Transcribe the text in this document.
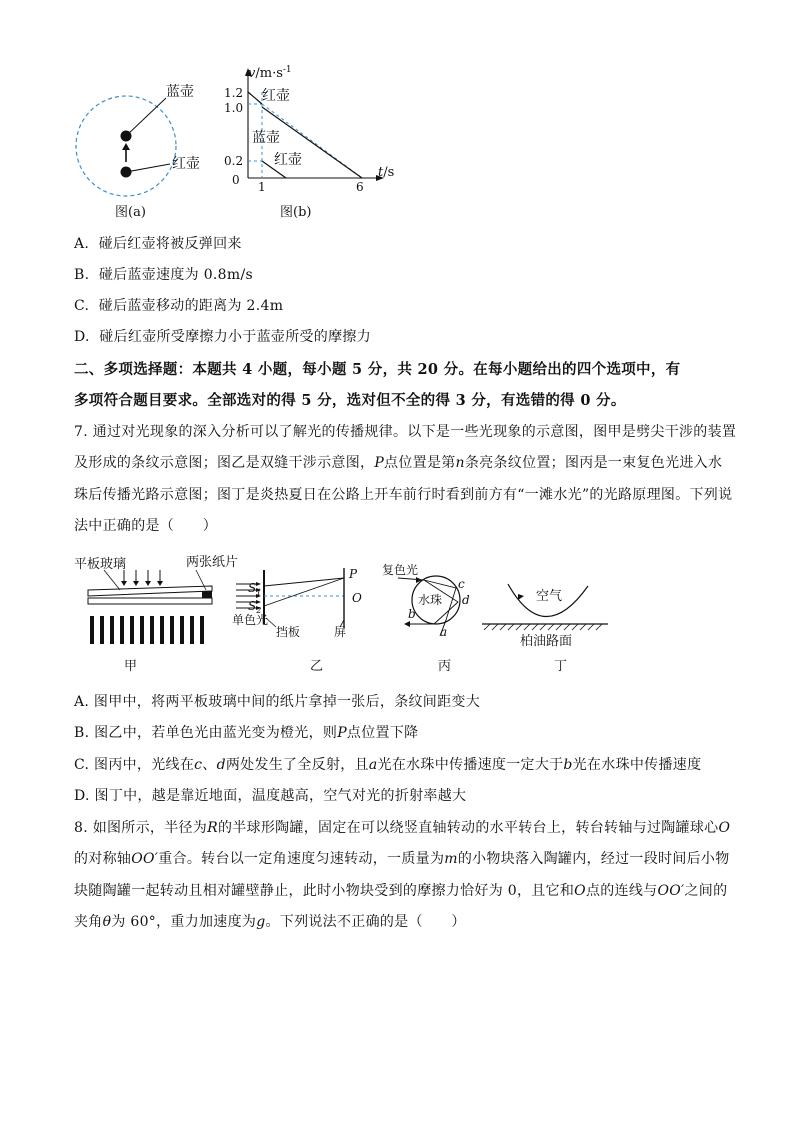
蓝壶
红壶
图(a)
$v/m\cdot s^{-1}$
t/s
1.2
1.0
0.2
0 1	6
红壶
蓝壶
红壶
图(b)
A. 碰后红壶将被反弹回来
B. 碰后蓝壶速度为 0.8m/s
C. 碰后蓝壶移动的距离为 2.4m
D. 碰后红壶所受摩擦力小于蓝壶所受的摩擦力
二、多项选择题：本题共 4 小题，每小题 5 分，共 20 分。在每小题给出的四个选项中，有
多项符合题目要求。全部选对的得 5 分，选对但不全的得 3 分，有选错的得 0 分。
7. 通过对光现象的深入分析可以了解光的传播规律。以下是一些光现象的示意图，图甲是劈尖干涉的装置
及形成的条纹示意图；图乙是双缝干涉示意图，P点位置是第n条亮条纹位置；图丙是一束复色光进入水
珠后传播光路示意图；图丁是炎热夏日在公路上开车前行时看到前方有“一滩水光”的光路原理图。下列说
法中正确的是（　　）
平板玻璃	两张纸片
甲
$S_1$
$S_2$
P
O
单色光
挡板	屏
乙
复色光
水珠
c
d
b
a
丙
空气
柏油路面
丁
A. 图甲中，将两平板玻璃中间的纸片拿掉一张后，条纹间距变大
B. 图乙中，若单色光由蓝光变为橙光，则P点位置下降
C. 图丙中，光线在c、d两处发生了全反射，且a光在水珠中传播速度一定大于b光在水珠中传播速度
D. 图丁中，越是靠近地面，温度越高，空气对光的折射率越大
8. 如图所示，半径为R的半球形陶罐，固定在可以绕竖直轴转动的水平转台上，转台转轴与过陶罐球心O
的对称轴OO′重合。转台以一定角速度匀速转动，一质量为m的小物块落入陶罐内，经过一段时间后小物
块随陶罐一起转动且相对罐壁静止，此时小物块受到的摩擦力恰好为 0，且它和O点的连线与OO′之间的
夹角θ为 60°，重力加速度为g。下列说法不正确的是（　　）
